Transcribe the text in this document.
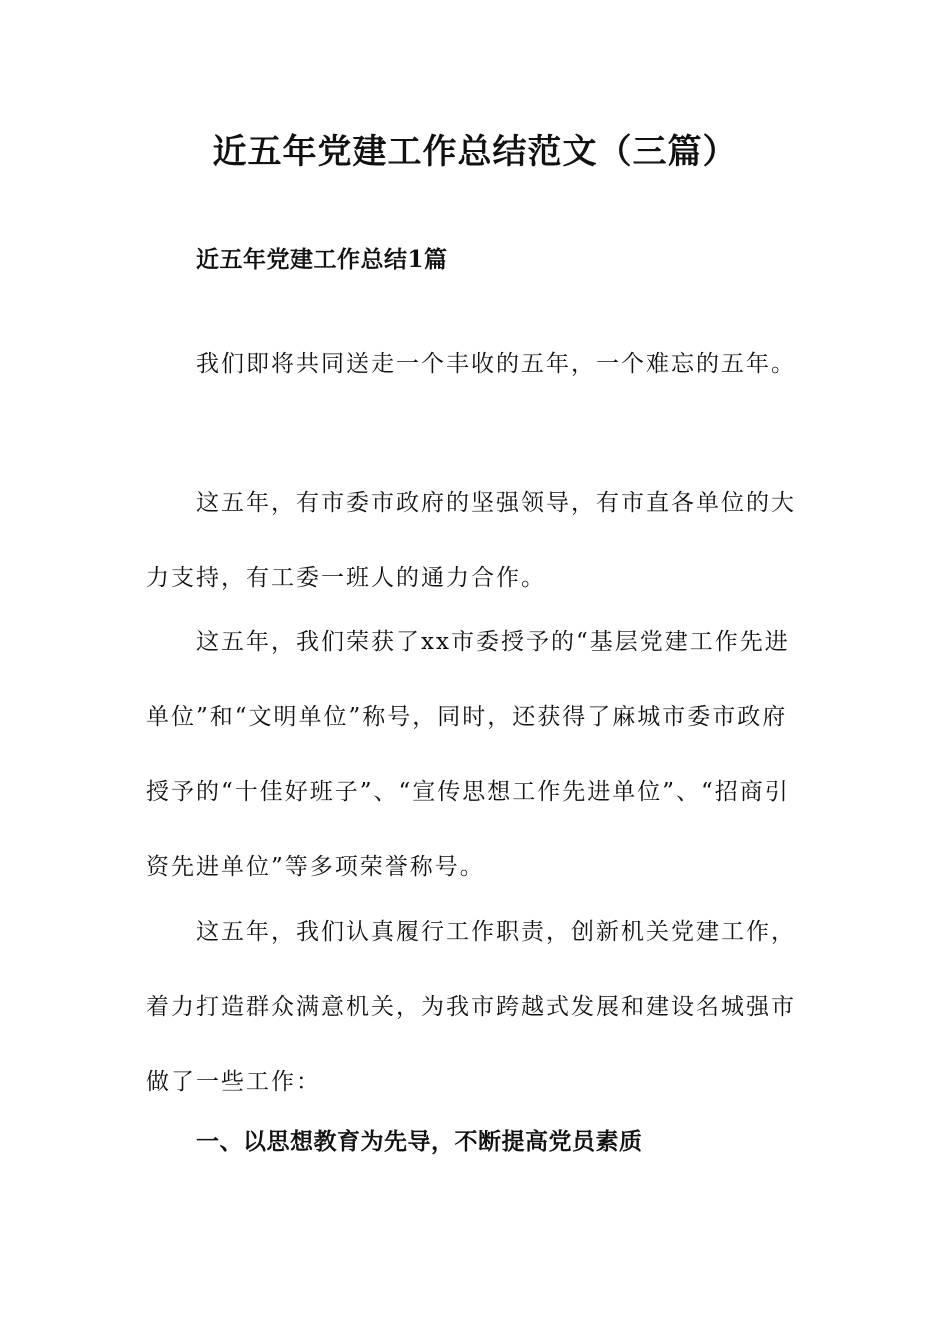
近五年党建工作总结范文（三篇）
近五年党建工作总结1篇

我们即将共同送走一个丰收的五年，一个难忘的五年。

这五年，有市委市政府的坚强领导，有市直各单位的大力支持，有工委一班人的通力合作。

这五年，我们荣获了xx市委授予的“基层党建工作先进单位”和“文明单位”称号，同时，还获得了麻城市委市政府授予的“十佳好班子”、“宣传思想工作先进单位”、“招商引资先进单位”等多项荣誉称号。

这五年，我们认真履行工作职责，创新机关党建工作，着力打造群众满意机关，为我市跨越式发展和建设名城强市做了一些工作：

一、以思想教育为先导，不断提高党员素质
